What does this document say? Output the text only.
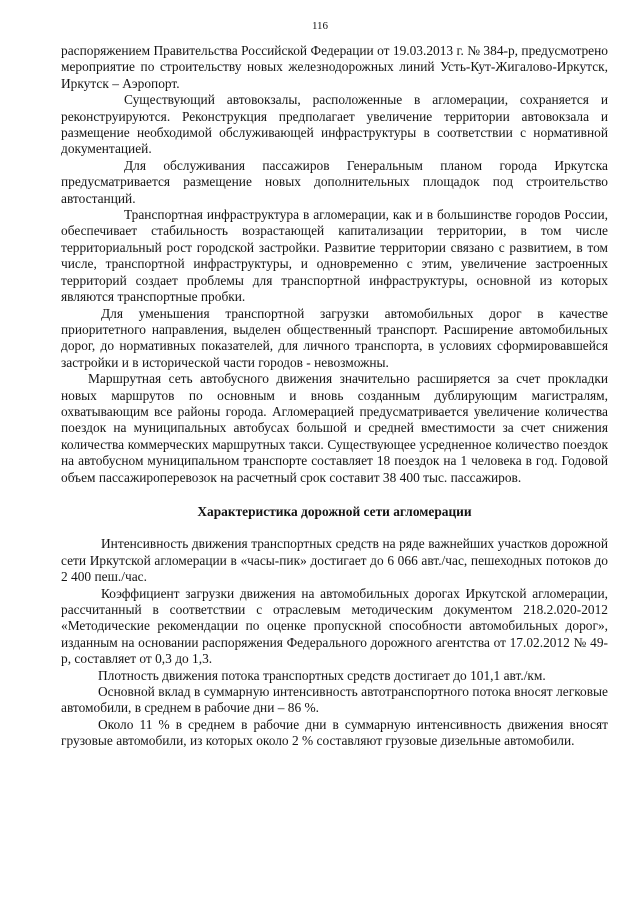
116

распоряжением Правительства Российской Федерации от 19.03.2013 г. № 384-р, предусмотрено мероприятие по строительству новых железнодорожных линий Усть-Кут-Жигалово-Иркутск, Иркутск – Аэропорт.

Существующий автовокзалы, расположенные в агломерации, сохраняется и реконструируются. Реконструкция предполагает увеличение территории автовокзала и размещение необходимой обслуживающей инфраструктуры в соответствии с нормативной документацией.

Для обслуживания пассажиров Генеральным планом города Иркутска предусматривается размещение новых дополнительных площадок под строительство автостанций.

Транспортная инфраструктура в агломерации, как и в большинстве городов России, обеспечивает стабильность возрастающей капитализации территории, в том числе территориальный рост городской застройки. Развитие территории связано с развитием, в том числе, транспортной инфраструктуры, и одновременно с этим, увеличение застроенных территорий создает проблемы для транспортной инфраструктуры, основной из которых являются транспортные пробки.

Для уменьшения транспортной загрузки автомобильных дорог в качестве приоритетного направления, выделен общественный транспорт. Расширение автомобильных дорог, до нормативных показателей, для личного транспорта, в условиях сформировавшейся застройки и в исторической части городов - невозможны.

Маршрутная сеть автобусного движения значительно расширяется за счет прокладки новых маршрутов по основным и вновь созданным дублирующим магистралям, охватывающим все районы города. Агломерацией предусматривается увеличение количества поездок на муниципальных автобусах большой и средней вместимости за счет снижения количества коммерческих маршрутных такси. Существующее усредненное количество поездок на автобусном муниципальном транспорте составляет 18 поездок на 1 человека в год. Годовой объем пассажироперевозок на расчетный срок составит 38 400 тыс. пассажиров.

Характеристика дорожной сети агломерации

Интенсивность движения транспортных средств на ряде важнейших участков дорожной сети Иркутской агломерации в «часы-пик» достигает до 6 066 авт./час, пешеходных потоков до 2 400 пеш./час.

Коэффициент загрузки движения на автомобильных дорогах Иркутской агломерации, рассчитанный в соответствии с отраслевым методическим документом 218.2.020-2012 «Методические рекомендации по оценке пропускной способности автомобильных дорог», изданным на основании распоряжения Федерального дорожного агентства от 17.02.2012 № 49-р, составляет от 0,3 до 1,3.

Плотность движения потока транспортных средств достигает до 101,1 авт./км.

Основной вклад в суммарную интенсивность автотранспортного потока вносят легковые автомобили, в среднем в рабочие дни – 86 %.

Около 11 % в среднем в рабочие дни в суммарную интенсивность движения вносят грузовые автомобили, из которых около 2 % составляют грузовые дизельные автомобили.
